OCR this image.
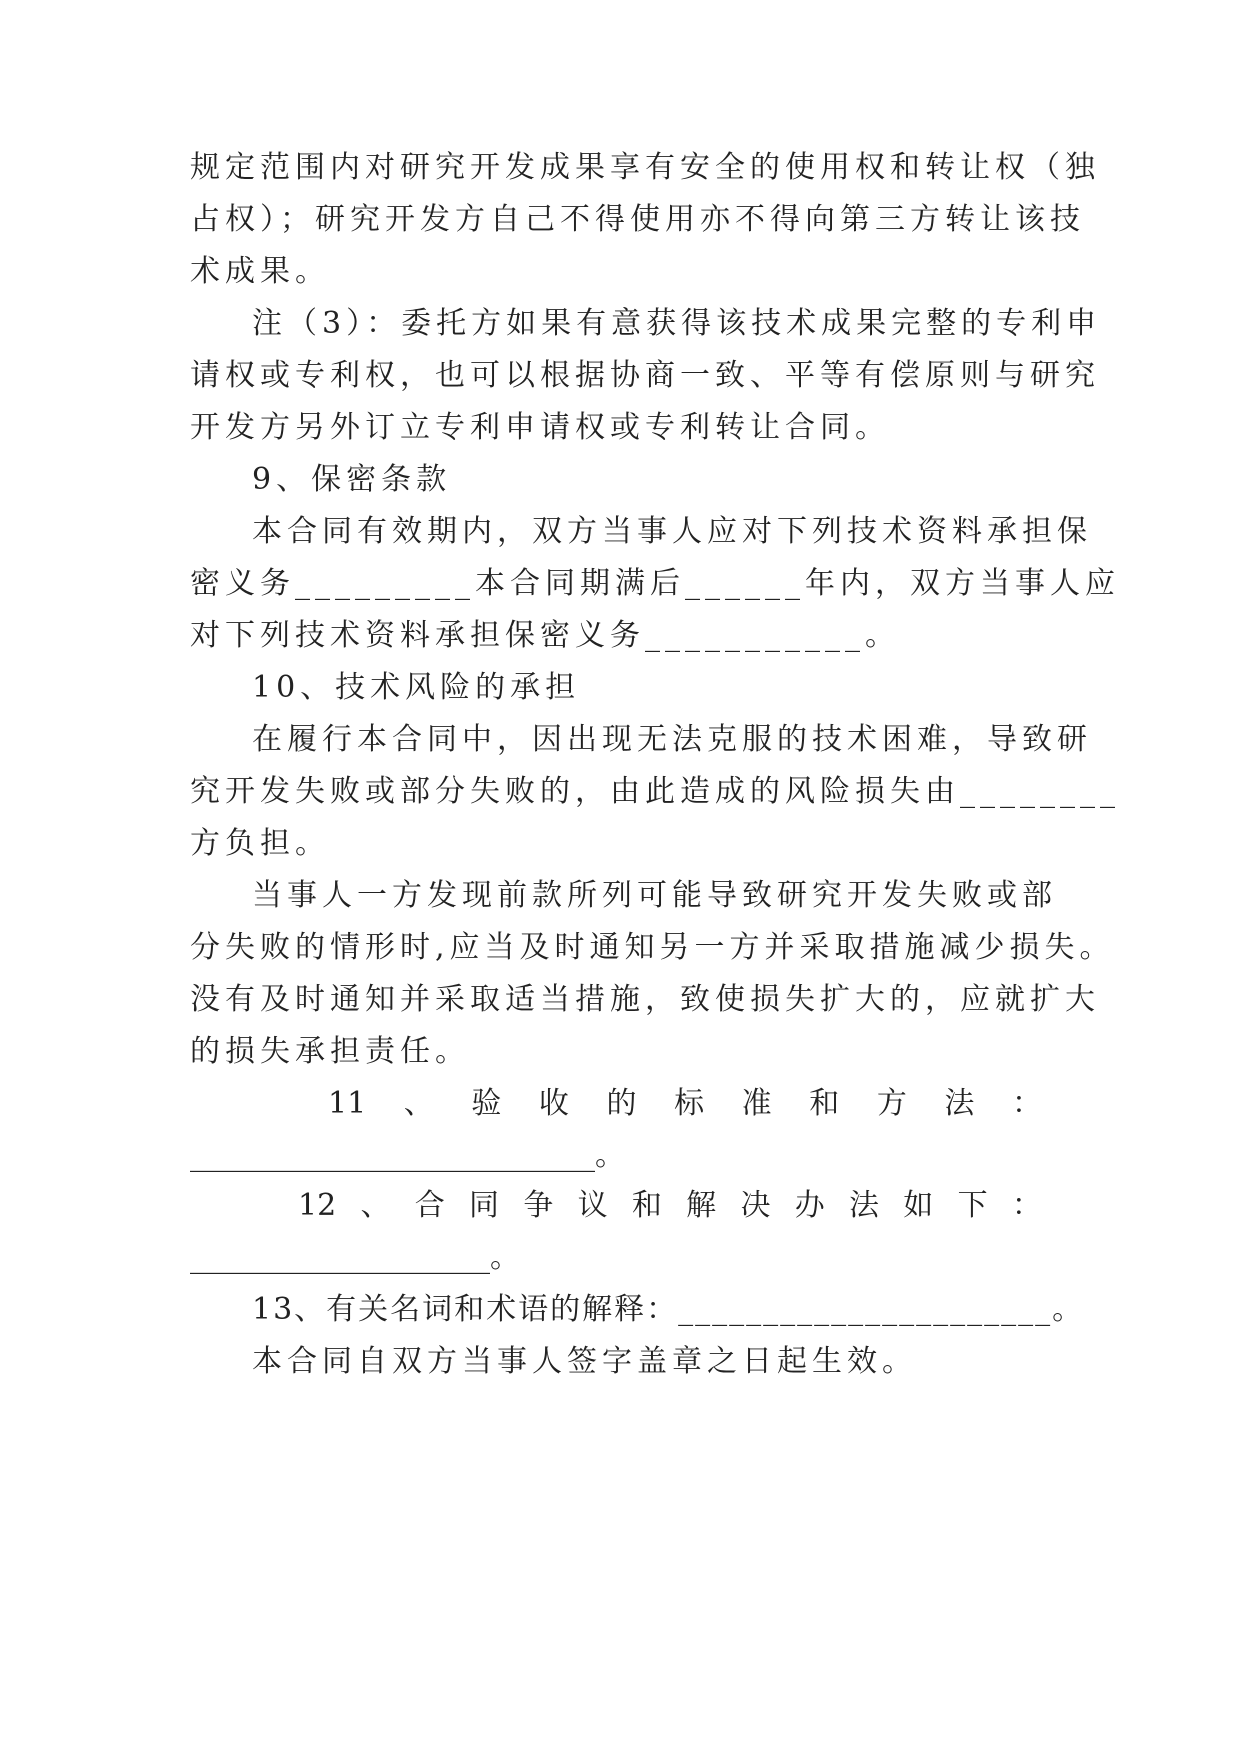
规定范围内对研究开发成果享有安全的使用权和转让权（独
占权）；研究开发方自己不得使用亦不得向第三方转让该技
术成果。
注（3）：委托方如果有意获得该技术成果完整的专利申
请权或专利权，也可以根据协商一致、平等有偿原则与研究
开发方另外订立专利申请权或专利转让合同。
9、保密条款
本合同有效期内，双方当事人应对下列技术资料承担保
密义务_________本合同期满后______年内，双方当事人应
对下列技术资料承担保密义务___________。
10、技术风险的承担
在履行本合同中，因出现无法克服的技术困难，导致研
究开发失败或部分失败的，由此造成的风险损失由________
方负担。
当事人一方发现前款所列可能导致研究开发失败或部
分失败的情形时,应当及时通知另一方并采取措施减少损失。
没有及时通知并采取适当措施，致使损失扩大的，应就扩大
的损失承担责任。
11 、 验 收 的 标 准 和 方 法 ：
___________________________。
12 、 合 同 争 议 和 解 决 办 法 如 下 ：
____________________。
13、有关名词和术语的解释：______________________。
本合同自双方当事人签字盖章之日起生效。
